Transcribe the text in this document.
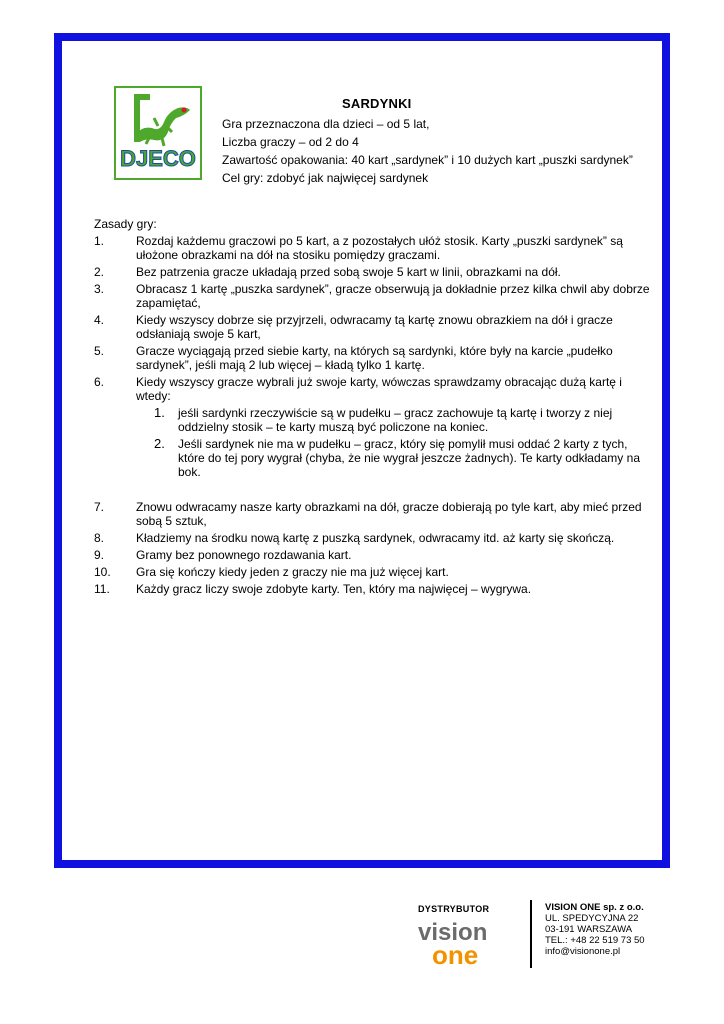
DJECO
SARDYNKI
Gra przeznaczona dla dzieci – od 5 lat,
Liczba graczy – od 2 do 4
Zawartość opakowania: 40 kart „sardynek” i 10 dużych kart „puszki sardynek”
Cel gry: zdobyć jak najwięcej sardynek
Zasady gry:
1.	Rozdaj każdemu graczowi po 5 kart, a z pozostałych ułóż stosik. Karty „puszki sardynek” są ułożone obrazkami na dół na stosiku pomiędzy graczami.
2.	Bez patrzenia gracze układają przed sobą swoje 5 kart w linii, obrazkami na dół.
3.	Obracasz 1 kartę „puszka sardynek”, gracze obserwują ja dokładnie przez kilka chwil aby dobrze zapamiętać,
4.	Kiedy wszyscy dobrze się przyjrzeli, odwracamy tą kartę znowu obrazkiem na dół i gracze odsłaniają swoje 5 kart,
5.	Gracze wyciągają przed siebie karty, na których są sardynki, które były na karcie „pudełko sardynek”, jeśli mają 2 lub więcej – kładą tylko 1 kartę.
6.	Kiedy wszyscy gracze wybrali już swoje karty, wówczas sprawdzamy obracając dużą kartę i wtedy:
1.	jeśli sardynki rzeczywiście są w pudełku – gracz zachowuje tą kartę i tworzy z niej oddzielny stosik – te karty muszą być policzone na koniec.
2.	Jeśli sardynek nie ma w pudełku – gracz, który się pomylił musi oddać 2 karty z tych, które do tej pory wygrał (chyba, że nie wygrał jeszcze żadnych). Te karty odkładamy na bok.
7.	Znowu odwracamy nasze karty obrazkami na dół, gracze dobierają po tyle kart, aby mieć przed sobą 5 sztuk,
8.	Kładziemy na środku nową kartę z puszką sardynek, odwracamy itd. aż karty się skończą.
9.	Gramy bez ponownego rozdawania kart.
10.	Gra się kończy kiedy jeden z graczy nie ma już więcej kart.
11.	Każdy gracz liczy swoje zdobyte karty. Ten, który ma najwięcej – wygrywa.
DYSTRYBUTOR
vision
one
VISION ONE sp. z o.o.
UL. SPEDYCYJNA 22
03-191 WARSZAWA
TEL.: +48 22 519 73 50
info@visionone.pl
